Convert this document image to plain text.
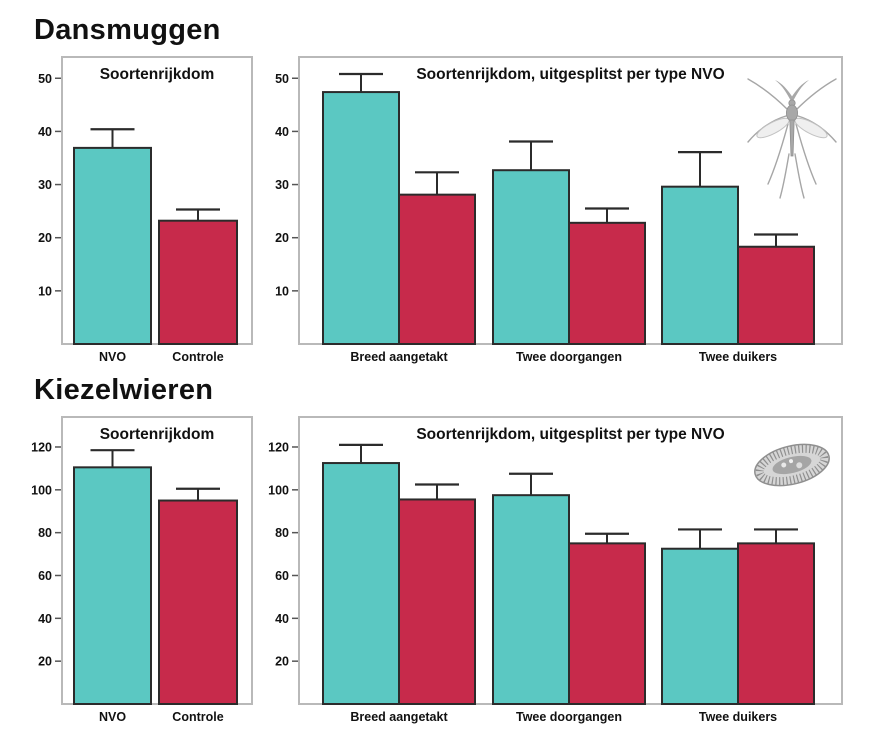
Dansmuggen
Kiezelwieren
10
20
30
40
50
NVO	Controle
Soortenrijkdom
10
20
30
40
50
Breed aangetakt	Twee doorgangen	Twee duikers
Soortenrijkdom, uitgesplitst per type NVO
20
40
60
80
100
120
NVO	Controle
Soortenrijkdom
20
40
60
80
100
120
Breed aangetakt	Twee doorgangen	Twee duikers
Soortenrijkdom, uitgesplitst per type NVO
